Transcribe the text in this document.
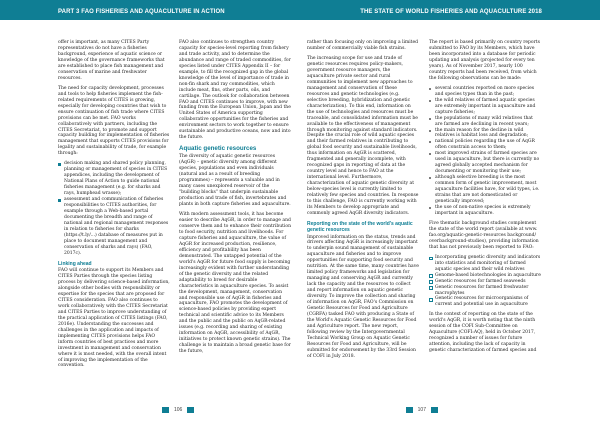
PART 3 FAO FISHERIES AND AQUACULTURE IN ACTION	THE STATE OF WORLD FISHERIES AND AQUACULTURE 2018

offer is important, as many CITES Party representatives do not have a fisheries background, experience of aquatic science or knowledge of the governance frameworks that are established to place fish management and conservation of marine and freshwater resources.

The need for capacity development, processes and tools to help fisheries implement the fish-related requirements of CITES is growing, especially for developing countries that wish to ensure continuation of fish trade where CITES provisions can be met. FAO works collaboratively with partners, including the CITES Secretariat, to promote and support capacity building for implementation of fisheries management that supports CITES provisions for legality and sustainability of trade, for example through:

decision making and shared policy planning, planning or management of species in CITES appendices, including the development of National Plans of Action to guide national fisheries management (e.g. for sharks and rays, humphead wrasse);
assessment and communication of fisheries responsibilities to CITES authorities, for example through a Web-based portal documenting the breadth and range of national and regional management responses in relation to fisheries for sharks (https://t.ly/...) database of measures put in place to document management and conservation of sharks and rays) (FAO, 2017c).
Linking ahead

FAO will continue to support its Members and CITES Parties through the species listing process by delivering science-based information, alongside other bodies with responsibility or expertise for the species that are proposed for CITES consideration. FAO also continues to work collaboratively with the CITES Secretariat and CITES Parties to improve understanding of the practical application of CITES listings (FAO, 2016e). Understanding the successes and challenges in the application and impacts of implementing CITES provisions helps FAO inform countries of best practices and more investment in management and conservation where it is most needed, with the overall intent of improving the implementation of the convention.

FAO also continues to strengthen country capacity for species-level reporting from fishery and trade activity, and to determine the abundance and range of traded commodities, for species listed under CITES Appendix II – for example, to fill the recognized gap in the global knowledge of the level of importance of trade in non-fin shark and ray commodities, which include meat, fins, other parts, oils, and cartilage. The outlook for collaboration between FAO and CITES continues to improve, with new funding from the European Union, Japan and the United States of America supporting collaborative opportunities for the fisheries and environment sectors to work together to ensure sustainable and productive oceans, now and into the future.

Aquatic genetic resources

The diversity of aquatic genetic resources (AqGR) – genetic diversity among different species, populations and even individuals (natural and as a result of breeding programmes) – represents a valuable and in many cases unexplored reservoir of the "building blocks" that underpin sustainable production and trade of fish, invertebrates and plants in both capture fisheries and aquaculture.

With modern assessment tools, it has become easier to describe AqGR, in order to manage and conserve them and to enhance their contribution to food security, nutrition and livelihoods. For capture fisheries and aquaculture, the value of AqGR for increased production, resilience, efficiency and profitability has been demonstrated. The untapped potential of the world's AqGR for future food supply is becoming increasingly evident with further understanding of the genetic diversity and the related adaptability to breed for desirable characteristics in aquaculture species. To assist the development, management, conservation and responsible use of AqGR in fisheries and aquaculture, FAO promotes the development of science-based policies by providing expert technical and scientific advice to its Members and the public and the public on AqGR-related issues (e.g. recording and sharing of existing information on AqGR, accessibility of AqGR, initiatives to protect known genetic strains). The challenge is to maintain a broad genetic base for the future,

rather than focusing only on improving a limited number of commercially viable fish strains.

The increasing scope for use and trade of genetic resources requires policy-makers, government resource managers, the aquaculture private sector and rural communities to implement new approaches to management and conservation of these resources and genetic technologies (e.g. selective breeding, hybridization and genetic characterization). To this end, information on the use of technologies and resources must be traceable, and consolidated information must be available to the effectiveness of management through monitoring against standard indicators. Despite the crucial role of wild aquatic species and their farmed relatives in contributing to global food security and sustainable livelihoods, thus information on AqGR is scattered, fragmented and generally incomplete, with recognized gaps in reporting of data at the country level and hence to FAO at the international level. Furthermore, characterization of aquatic genetic diversity at below-species level is currently limited to relatively few species and countries. In response to this challenge, FAO is currently working with its Members to develop appropriate and commonly agreed AqGR diversity indicators.

Reporting on the state of the world's aquatic genetic resources

Improved information on the status, trends and drivers affecting AqGR is increasingly important to underpin sound management of sustainable aquaculture and fisheries and to improve opportunities for supporting food security and nutrition. At the same time, many countries have limited policy frameworks and legislation for managing and conserving AqGR and currently lack the capacity and the resources to collect and report information on aquatic genetic diversity. To improve the collection and sharing of information on AqGR, FAO's Commission on Genetic Resources for Food and Agriculture (CGRFA) tasked FAO with producing a State of the World's Aquatic Genetic Resources for Food and Agriculture report. The new report, following review by the Intergovernmental Technical Working Group on Aquatic Genetic Resources for Food and Agriculture, will be submitted for endorsement by the 33rd Session of COFI in July 2018.

The report is based primarily on country reports submitted to FAO by its Members, which have been incorporated into a database for periodic updating and analysis (projected for every ten years). As of November 2017, nearly 100 country reports had been received, from which the following observations can be made:

several countries reported on more species and species types than in the past;
the wild relatives of farmed aquatic species are extremely important in aquaculture and capture fisheries;
the populations of many wild relatives that are farmed are declining in recent years;
the main reason for the decline in wild relatives is habitat loss and degradation;
national policies regarding the use of AqGR often constrain access to them;
most improved strains of farmed species are used in aquaculture, but there is currently no agreed globally accepted mechanism for documenting or monitoring their use;
although selective breeding is the most common form of genetic improvement, most aquaculture facilities have, for wild types, i.e. strains that are not domesticated or genetically improved;
the use of non-native species is extremely important in aquaculture.

Five thematic background studies complement the state of the world report (available at www. fao.org/aquatic-genetic-resources background/ overbackground-studies), providing information that has not previously been reported to FAO:

Incorporating genetic diversity and indicators into statistics and monitoring of farmed aquatic species and their wild relatives
Genome-based biotechnologies in aquaculture
Genetic resources for farmed seaweeds
Genetic resources for farmed freshwater macrophytes
Genetic resources for microorganisms of current and potential use in aquaculture

In the context of reporting on the state of the world's AqGR, it is worth noting that the ninth session of the COFI Sub-Committee on Aquaculture (COFI:AQ), held in October 2017, recognized a number of issues for future attention, including the lack of capacity in genetic characterization of farmed species and

106	107
